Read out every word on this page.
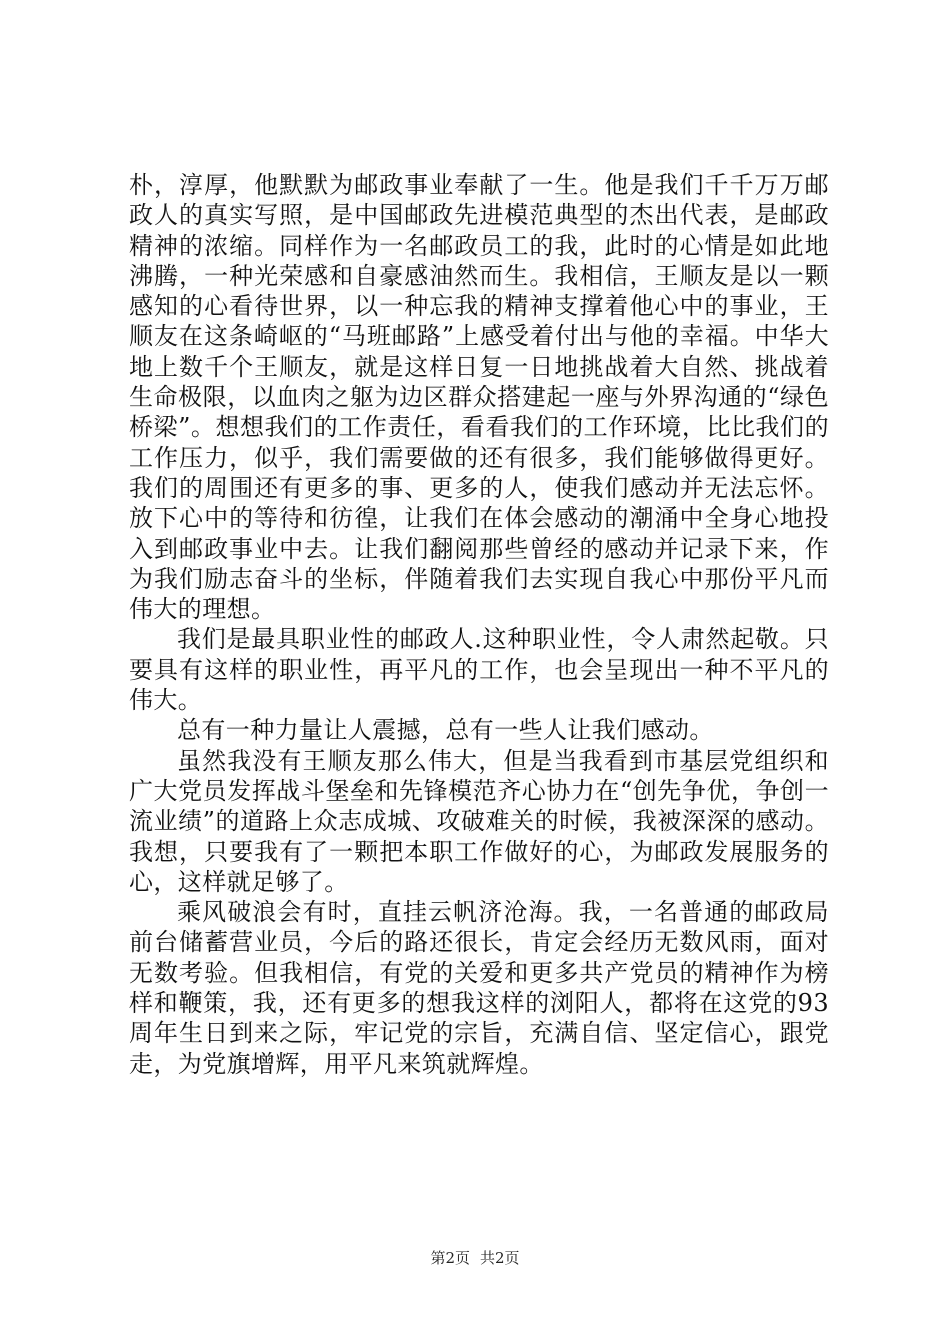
朴，淳厚，他默默为邮政事业奉献了一生。他是我们千千万万邮政人的真实写照，是中国邮政先进模范典型的杰出代表，是邮政精神的浓缩。同样作为一名邮政员工的我，此时的心情是如此地沸腾，一种光荣感和自豪感油然而生。我相信，王顺友是以一颗感知的心看待世界，以一种忘我的精神支撑着他心中的事业，王顺友在这条崎岖的“马班邮路”上感受着付出与他的幸福。中华大地上数千个王顺友，就是这样日复一日地挑战着大自然、挑战着生命极限，以血肉之躯为边区群众搭建起一座与外界沟通的“绿色桥梁”。想想我们的工作责任，看看我们的工作环境，比比我们的工作压力，似乎，我们需要做的还有很多，我们能够做得更好。我们的周围还有更多的事、更多的人，使我们感动并无法忘怀。放下心中的等待和彷徨，让我们在体会感动的潮涌中全身心地投入到邮政事业中去。让我们翻阅那些曾经的感动并记录下来，作为我们励志奋斗的坐标，伴随着我们去实现自我心中那份平凡而伟大的理想。

我们是最具职业性的邮政人.这种职业性，令人肃然起敬。只要具有这样的职业性，再平凡的工作，也会呈现出一种不平凡的伟大。

总有一种力量让人震撼，总有一些人让我们感动。

虽然我没有王顺友那么伟大，但是当我看到市基层党组织和广大党员发挥战斗堡垒和先锋模范齐心协力在“创先争优，争创一流业绩”的道路上众志成城、攻破难关的时候，我被深深的感动。我想，只要我有了一颗把本职工作做好的心，为邮政发展服务的心，这样就足够了。

乘风破浪会有时，直挂云帆济沧海。我，一名普通的邮政局前台储蓄营业员，今后的路还很长，肯定会经历无数风雨，面对无数考验。但我相信，有党的关爱和更多共产党员的精神作为榜样和鞭策，我，还有更多的想我这样的浏阳人，都将在这党的93周年生日到来之际，牢记党的宗旨，充满自信、坚定信心，跟党走，为党旗增辉，用平凡来筑就辉煌。

第2页 共2页
